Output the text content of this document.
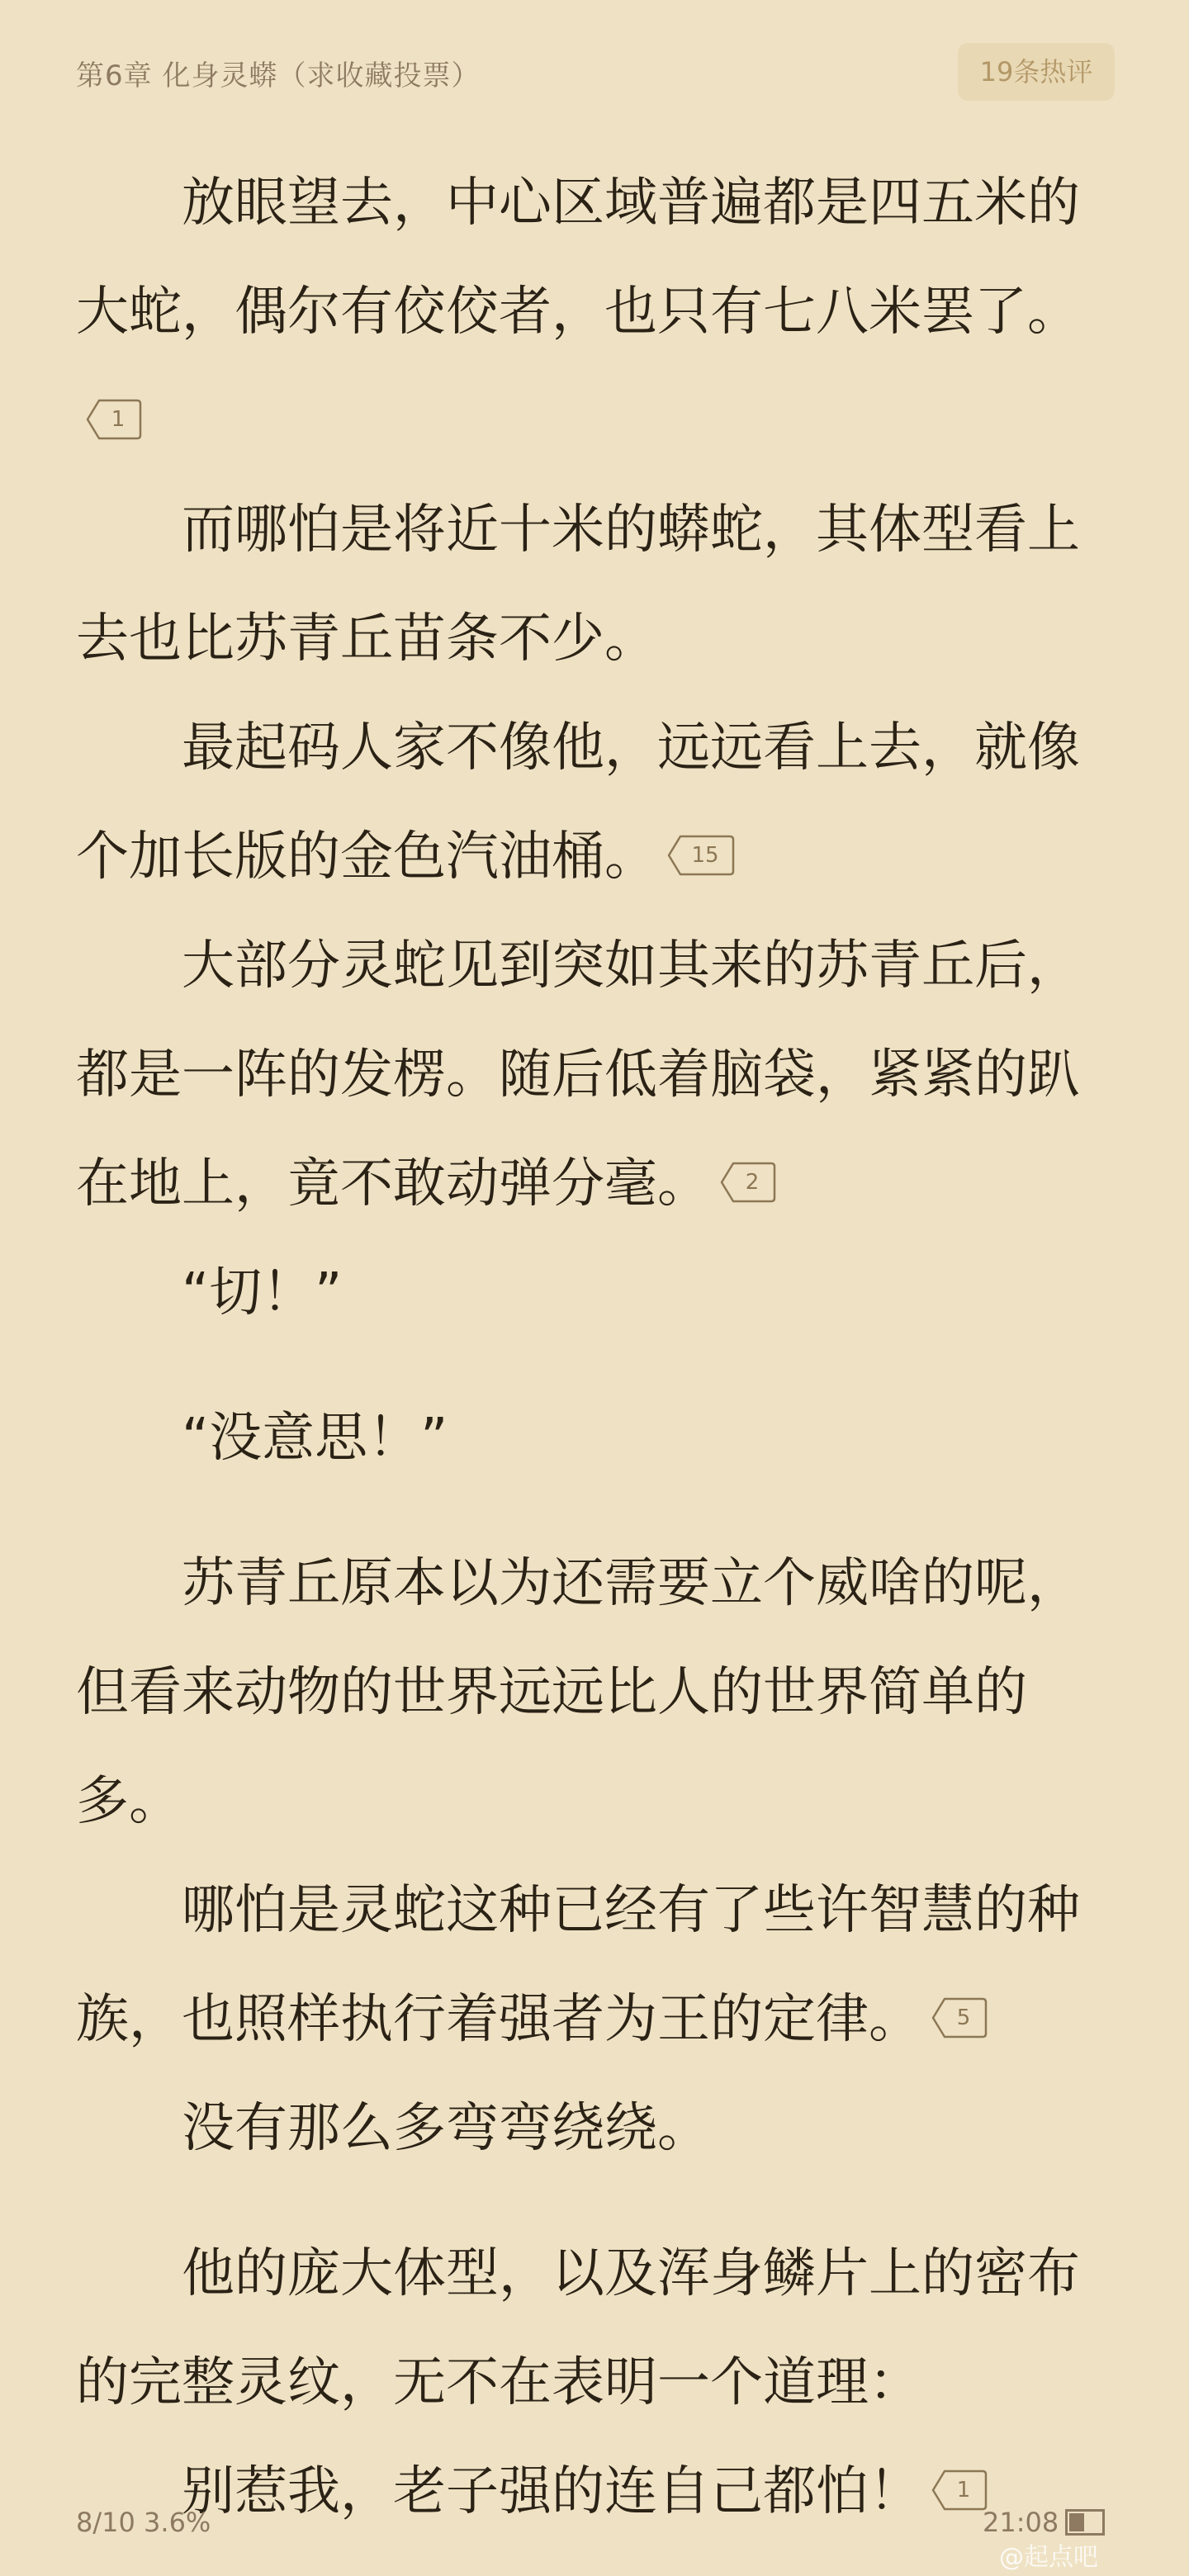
第6章 化身灵蟒（求收藏投票）	19条热评

放眼望去，中心区域普遍都是四五米的大蛇，偶尔有佼佼者，也只有七八米罢了。
1

而哪怕是将近十米的蟒蛇，其体型看上去也比苏青丘苗条不少。

最起码人家不像他，远远看上去，就像个加长版的金色汽油桶。	15

大部分灵蛇见到突如其来的苏青丘后，都是一阵的发楞。随后低着脑袋，紧紧的趴在地上，竟不敢动弹分毫。	2

“切！”

“没意思！”

苏青丘原本以为还需要立个威啥的呢，但看来动物的世界远远比人的世界简单的多。

哪怕是灵蛇这种已经有了些许智慧的种族，也照样执行着强者为王的定律。	5

没有那么多弯弯绕绕。

他的庞大体型，以及浑身鳞片上的密布的完整灵纹，无不在表明一个道理：

别惹我，老子强的连自己都怕！	1

8/10 3.6%	21:08
@起点吧
